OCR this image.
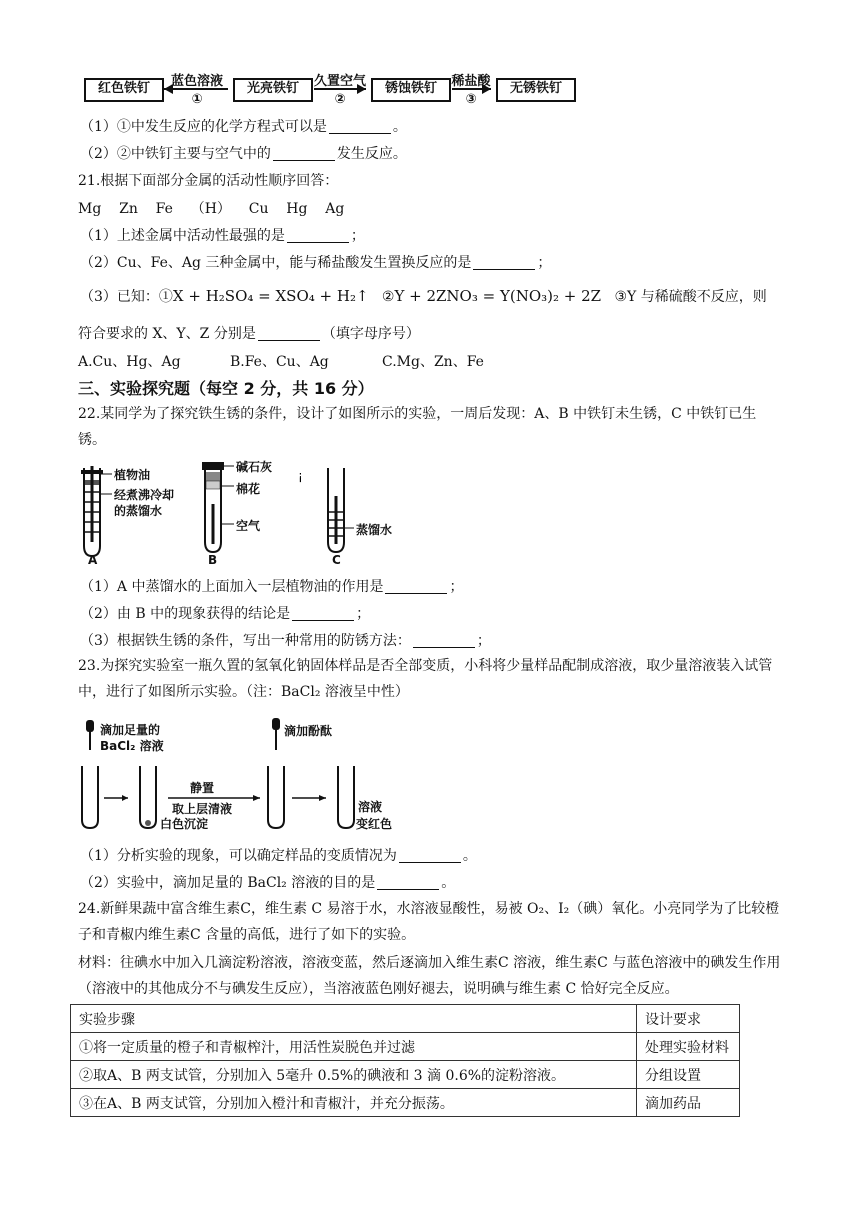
红色铁钉	光亮铁钉	锈蚀铁钉	无锈铁钉
蓝色溶液
①
久置空气
②
稀盐酸
③
（1）①中发生反应的化学方程式可以是	。
（2）②中铁钉主要与空气中的	发生反应。
21.根据下面部分金属的活动性顺序回答：
Mg Zn Fe （H） Cu Hg Ag
（1）上述金属中活动性最强的是	；
（2）Cu、Fe、Ag 三种金属中，能与稀盐酸发生置换反应的是	；
（3）已知：①X + H₂SO₄ = XSO₄ + H₂↑ ②Y + 2ZNO₃ = Y(NO₃)₂ + 2Z ③Y 与稀硫酸不反应，则
符合要求的 X、Y、Z 分别是	（填字母序号）
A.Cu、Hg、Ag	B.Fe、Cu、Ag	C.Mg、Zn、Fe
三、实验探究题（每空 2 分，共 16 分）
22.某同学为了探究铁生锈的条件，设计了如图所示的实验，一周后发现：A、B 中铁钉未生锈，C 中铁钉已生锈。
¡
植物油
经煮沸冷却
的蒸馏水
A
碱石灰
棉花
空气
B
蒸馏水
C
（1）A 中蒸馏水的上面加入一层植物油的作用是	；
（2）由 B 中的现象获得的结论是	；
（3）根据铁生锈的条件，写出一种常用的防锈方法：	；
23.为探究实验室一瓶久置的氢氧化钠固体样品是否全部变质，小科将少量样品配制成溶液，取少量溶液装入试管中，进行了如图所示实验。（注：BaCl₂ 溶液呈中性）
滴加足量的
BaCl₂ 溶液
静置
取上层清液
白色沉淀
滴加酚酞
溶液
变红色
（1）分析实验的现象，可以确定样品的变质情况为	。
（2）实验中，滴加足量的 BaCl₂ 溶液的目的是	。
24.新鲜果蔬中富含维生素C，维生素 C 易溶于水，水溶液显酸性，易被 O₂、I₂（碘）氧化。小亮同学为了比较橙子和青椒内维生素C 含量的高低，进行了如下的实验。
材料：往碘水中加入几滴淀粉溶液，溶液变蓝，然后逐滴加入维生素C 溶液，维生素C 与蓝色溶液中的碘发生作用（溶液中的其他成分不与碘发生反应），当溶液蓝色刚好褪去，说明碘与维生素 C 恰好完全反应。
实验步骤	设计要求
①将一定质量的橙子和青椒榨汁，用活性炭脱色并过滤	处理实验材料
②取A、B 两支试管，分别加入 5毫升 0.5%的碘液和 3 滴 0.6%的淀粉溶液。	分组设置
③在A、B 两支试管，分别加入橙汁和青椒汁，并充分振荡。	滴加药品
